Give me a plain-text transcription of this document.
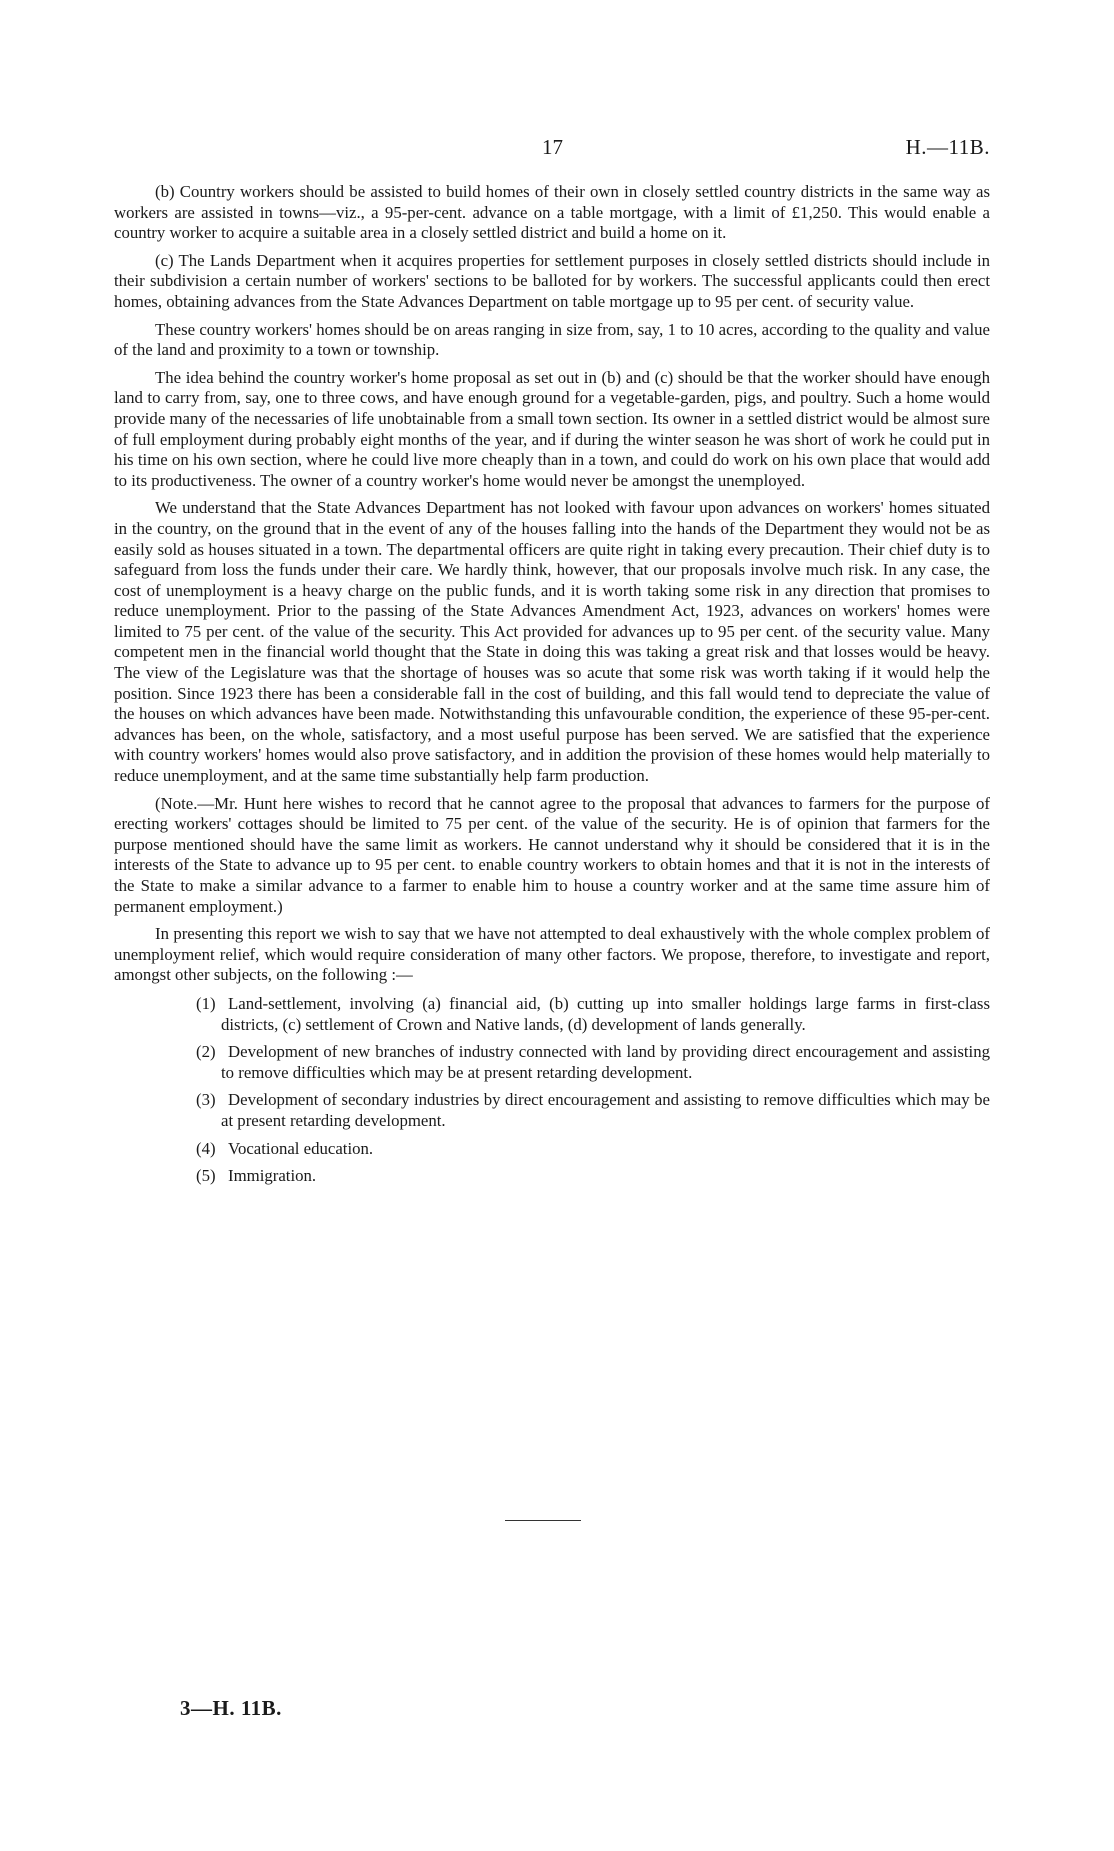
17	H.—11B.

(b) Country workers should be assisted to build homes of their own in closely settled country districts in the same way as workers are assisted in towns—viz., a 95-per-cent. advance on a table mortgage, with a limit of £1,250. This would enable a country worker to acquire a suitable area in a closely settled district and build a home on it.

(c) The Lands Department when it acquires properties for settlement purposes in closely settled districts should include in their subdivision a certain number of workers' sections to be balloted for by workers. The successful applicants could then erect homes, obtaining advances from the State Advances Department on table mortgage up to 95 per cent. of security value.

These country workers' homes should be on areas ranging in size from, say, 1 to 10 acres, according to the quality and value of the land and proximity to a town or township.

The idea behind the country worker's home proposal as set out in (b) and (c) should be that the worker should have enough land to carry from, say, one to three cows, and have enough ground for a vegetable-garden, pigs, and poultry. Such a home would provide many of the necessaries of life unobtainable from a small town section. Its owner in a settled district would be almost sure of full employment during probably eight months of the year, and if during the winter season he was short of work he could put in his time on his own section, where he could live more cheaply than in a town, and could do work on his own place that would add to its productiveness. The owner of a country worker's home would never be amongst the unemployed.

We understand that the State Advances Department has not looked with favour upon advances on workers' homes situated in the country, on the ground that in the event of any of the houses falling into the hands of the Department they would not be as easily sold as houses situated in a town. The departmental officers are quite right in taking every precaution. Their chief duty is to safeguard from loss the funds under their care. We hardly think, however, that our proposals involve much risk. In any case, the cost of unemployment is a heavy charge on the public funds, and it is worth taking some risk in any direction that promises to reduce unemployment. Prior to the passing of the State Advances Amendment Act, 1923, advances on workers' homes were limited to 75 per cent. of the value of the security. This Act provided for advances up to 95 per cent. of the security value. Many competent men in the financial world thought that the State in doing this was taking a great risk and that losses would be heavy. The view of the Legislature was that the shortage of houses was so acute that some risk was worth taking if it would help the position. Since 1923 there has been a considerable fall in the cost of building, and this fall would tend to depreciate the value of the houses on which advances have been made. Notwithstanding this unfavourable condition, the experience of these 95-per-cent. advances has been, on the whole, satisfactory, and a most useful purpose has been served. We are satisfied that the experience with country workers' homes would also prove satisfactory, and in addition the provision of these homes would help materially to reduce unemployment, and at the same time substantially help farm production.

(Note.—Mr. Hunt here wishes to record that he cannot agree to the proposal that advances to farmers for the purpose of erecting workers' cottages should be limited to 75 per cent. of the value of the security. He is of opinion that farmers for the purpose mentioned should have the same limit as workers. He cannot understand why it should be considered that it is in the interests of the State to advance up to 95 per cent. to enable country workers to obtain homes and that it is not in the interests of the State to make a similar advance to a farmer to enable him to house a country worker and at the same time assure him of permanent employment.)

In presenting this report we wish to say that we have not attempted to deal exhaustively with the whole complex problem of unemployment relief, which would require consideration of many other factors. We propose, therefore, to investigate and report, amongst other subjects, on the following :—

(1) Land-settlement, involving (a) financial aid, (b) cutting up into smaller holdings large farms in first-class districts, (c) settlement of Crown and Native lands, (d) development of lands generally.
(2) Development of new branches of industry connected with land by providing direct encouragement and assisting to remove difficulties which may be at present retarding development.
(3) Development of secondary industries by direct encouragement and assisting to remove difficulties which may be at present retarding development.
(4) Vocational education.
(5) Immigration.
3—H. 11B.
